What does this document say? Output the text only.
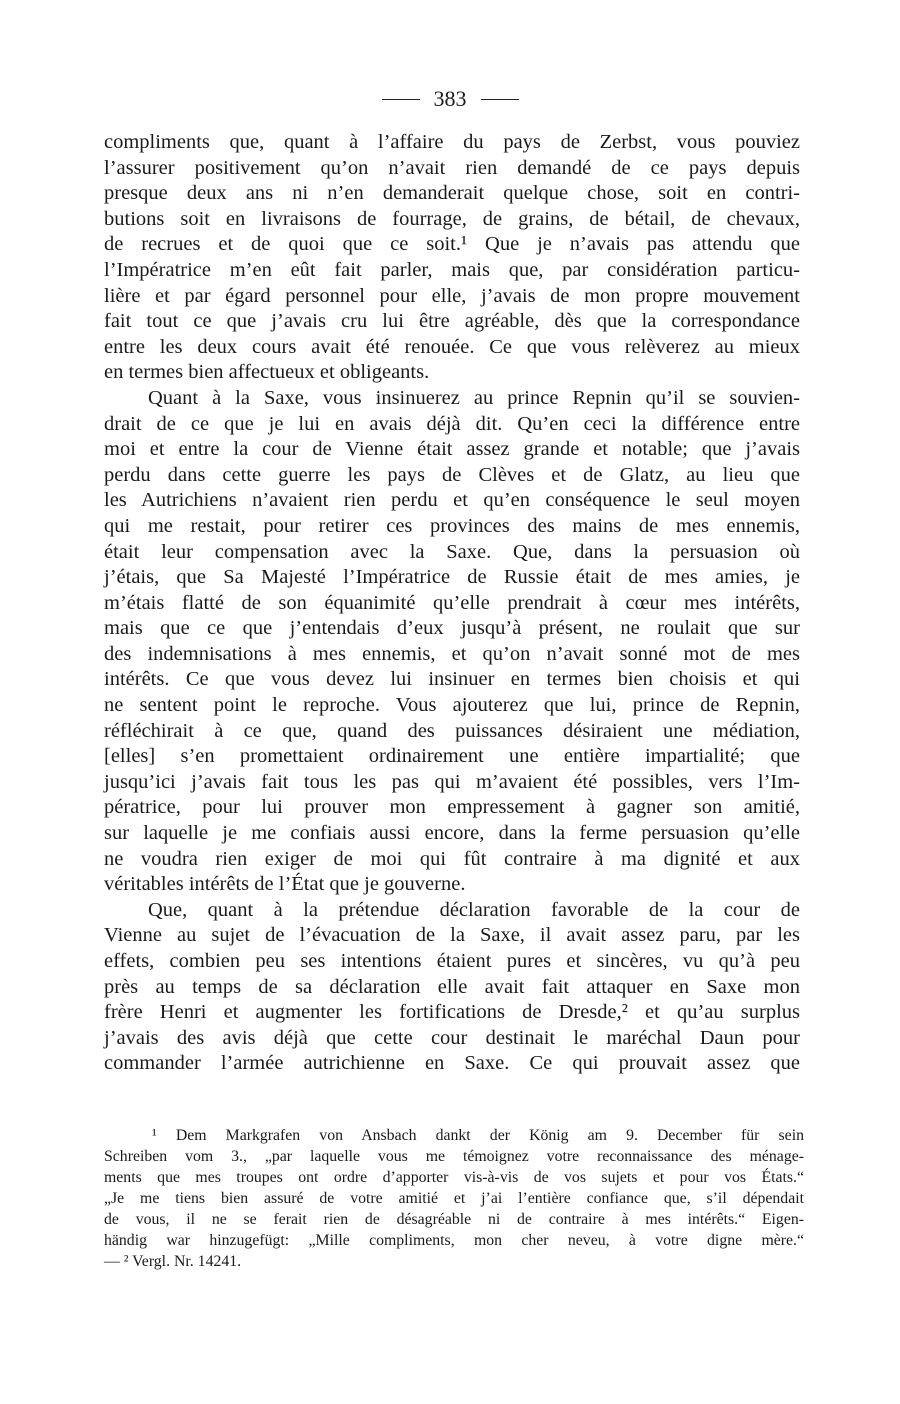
383

compliments que, quant à l’affaire du pays de Zerbst, vous pouviez
l’assurer positivement qu’on n’avait rien demandé de ce pays depuis
presque deux ans ni n’en demanderait quelque chose, soit en contri-
butions soit en livraisons de fourrage, de grains, de bétail, de chevaux,
de recrues et de quoi que ce soit.¹ Que je n’avais pas attendu que
l’Impératrice m’en eût fait parler, mais que, par considération particu-
lière et par égard personnel pour elle, j’avais de mon propre mouvement
fait tout ce que j’avais cru lui être agréable, dès que la correspondance
entre les deux cours avait été renouée. Ce que vous relèverez au mieux
en termes bien affectueux et obligeants.

Quant à la Saxe, vous insinuerez au prince Repnin qu’il se souvien-
drait de ce que je lui en avais déjà dit. Qu’en ceci la différence entre
moi et entre la cour de Vienne était assez grande et notable; que j’avais
perdu dans cette guerre les pays de Clèves et de Glatz, au lieu que
les Autrichiens n’avaient rien perdu et qu’en conséquence le seul moyen
qui me restait, pour retirer ces provinces des mains de mes ennemis,
était leur compensation avec la Saxe. Que, dans la persuasion où
j’étais, que Sa Majesté l’Impératrice de Russie était de mes amies, je
m’étais flatté de son équanimité qu’elle prendrait à cœur mes intérêts,
mais que ce que j’entendais d’eux jusqu’à présent, ne roulait que sur
des indemnisations à mes ennemis, et qu’on n’avait sonné mot de mes
intérêts. Ce que vous devez lui insinuer en termes bien choisis et qui
ne sentent point le reproche. Vous ajouterez que lui, prince de Repnin,
réfléchirait à ce que, quand des puissances désiraient une médiation,
[elles] s’en promettaient ordinairement une entière impartialité; que
jusqu’ici j’avais fait tous les pas qui m’avaient été possibles, vers l’Im-
pératrice, pour lui prouver mon empressement à gagner son amitié,
sur laquelle je me confiais aussi encore, dans la ferme persuasion qu’elle
ne voudra rien exiger de moi qui fût contraire à ma dignité et aux
véritables intérêts de l’État que je gouverne.

Que, quant à la prétendue déclaration favorable de la cour de
Vienne au sujet de l’évacuation de la Saxe, il avait assez paru, par les
effets, combien peu ses intentions étaient pures et sincères, vu qu’à peu
près au temps de sa déclaration elle avait fait attaquer en Saxe mon
frère Henri et augmenter les fortifications de Dresde,² et qu’au surplus
j’avais des avis déjà que cette cour destinait le maréchal Daun pour
commander l’armée autrichienne en Saxe. Ce qui prouvait assez que

¹ Dem Markgrafen von Ansbach dankt der König am 9. December für sein
Schreiben vom 3., „par laquelle vous me témoignez votre reconnaissance des ménage-
ments que mes troupes ont ordre d’apporter vis-à-vis de vos sujets et pour vos États.“
„Je me tiens bien assuré de votre amitié et j’ai l’entière confiance que, s’il dépendait
de vous, il ne se ferait rien de désagréable ni de contraire à mes intérêts.“ Eigen-
händig war hinzugefügt: „Mille compliments, mon cher neveu, à votre digne mère.“
— ² Vergl. Nr. 14241.
